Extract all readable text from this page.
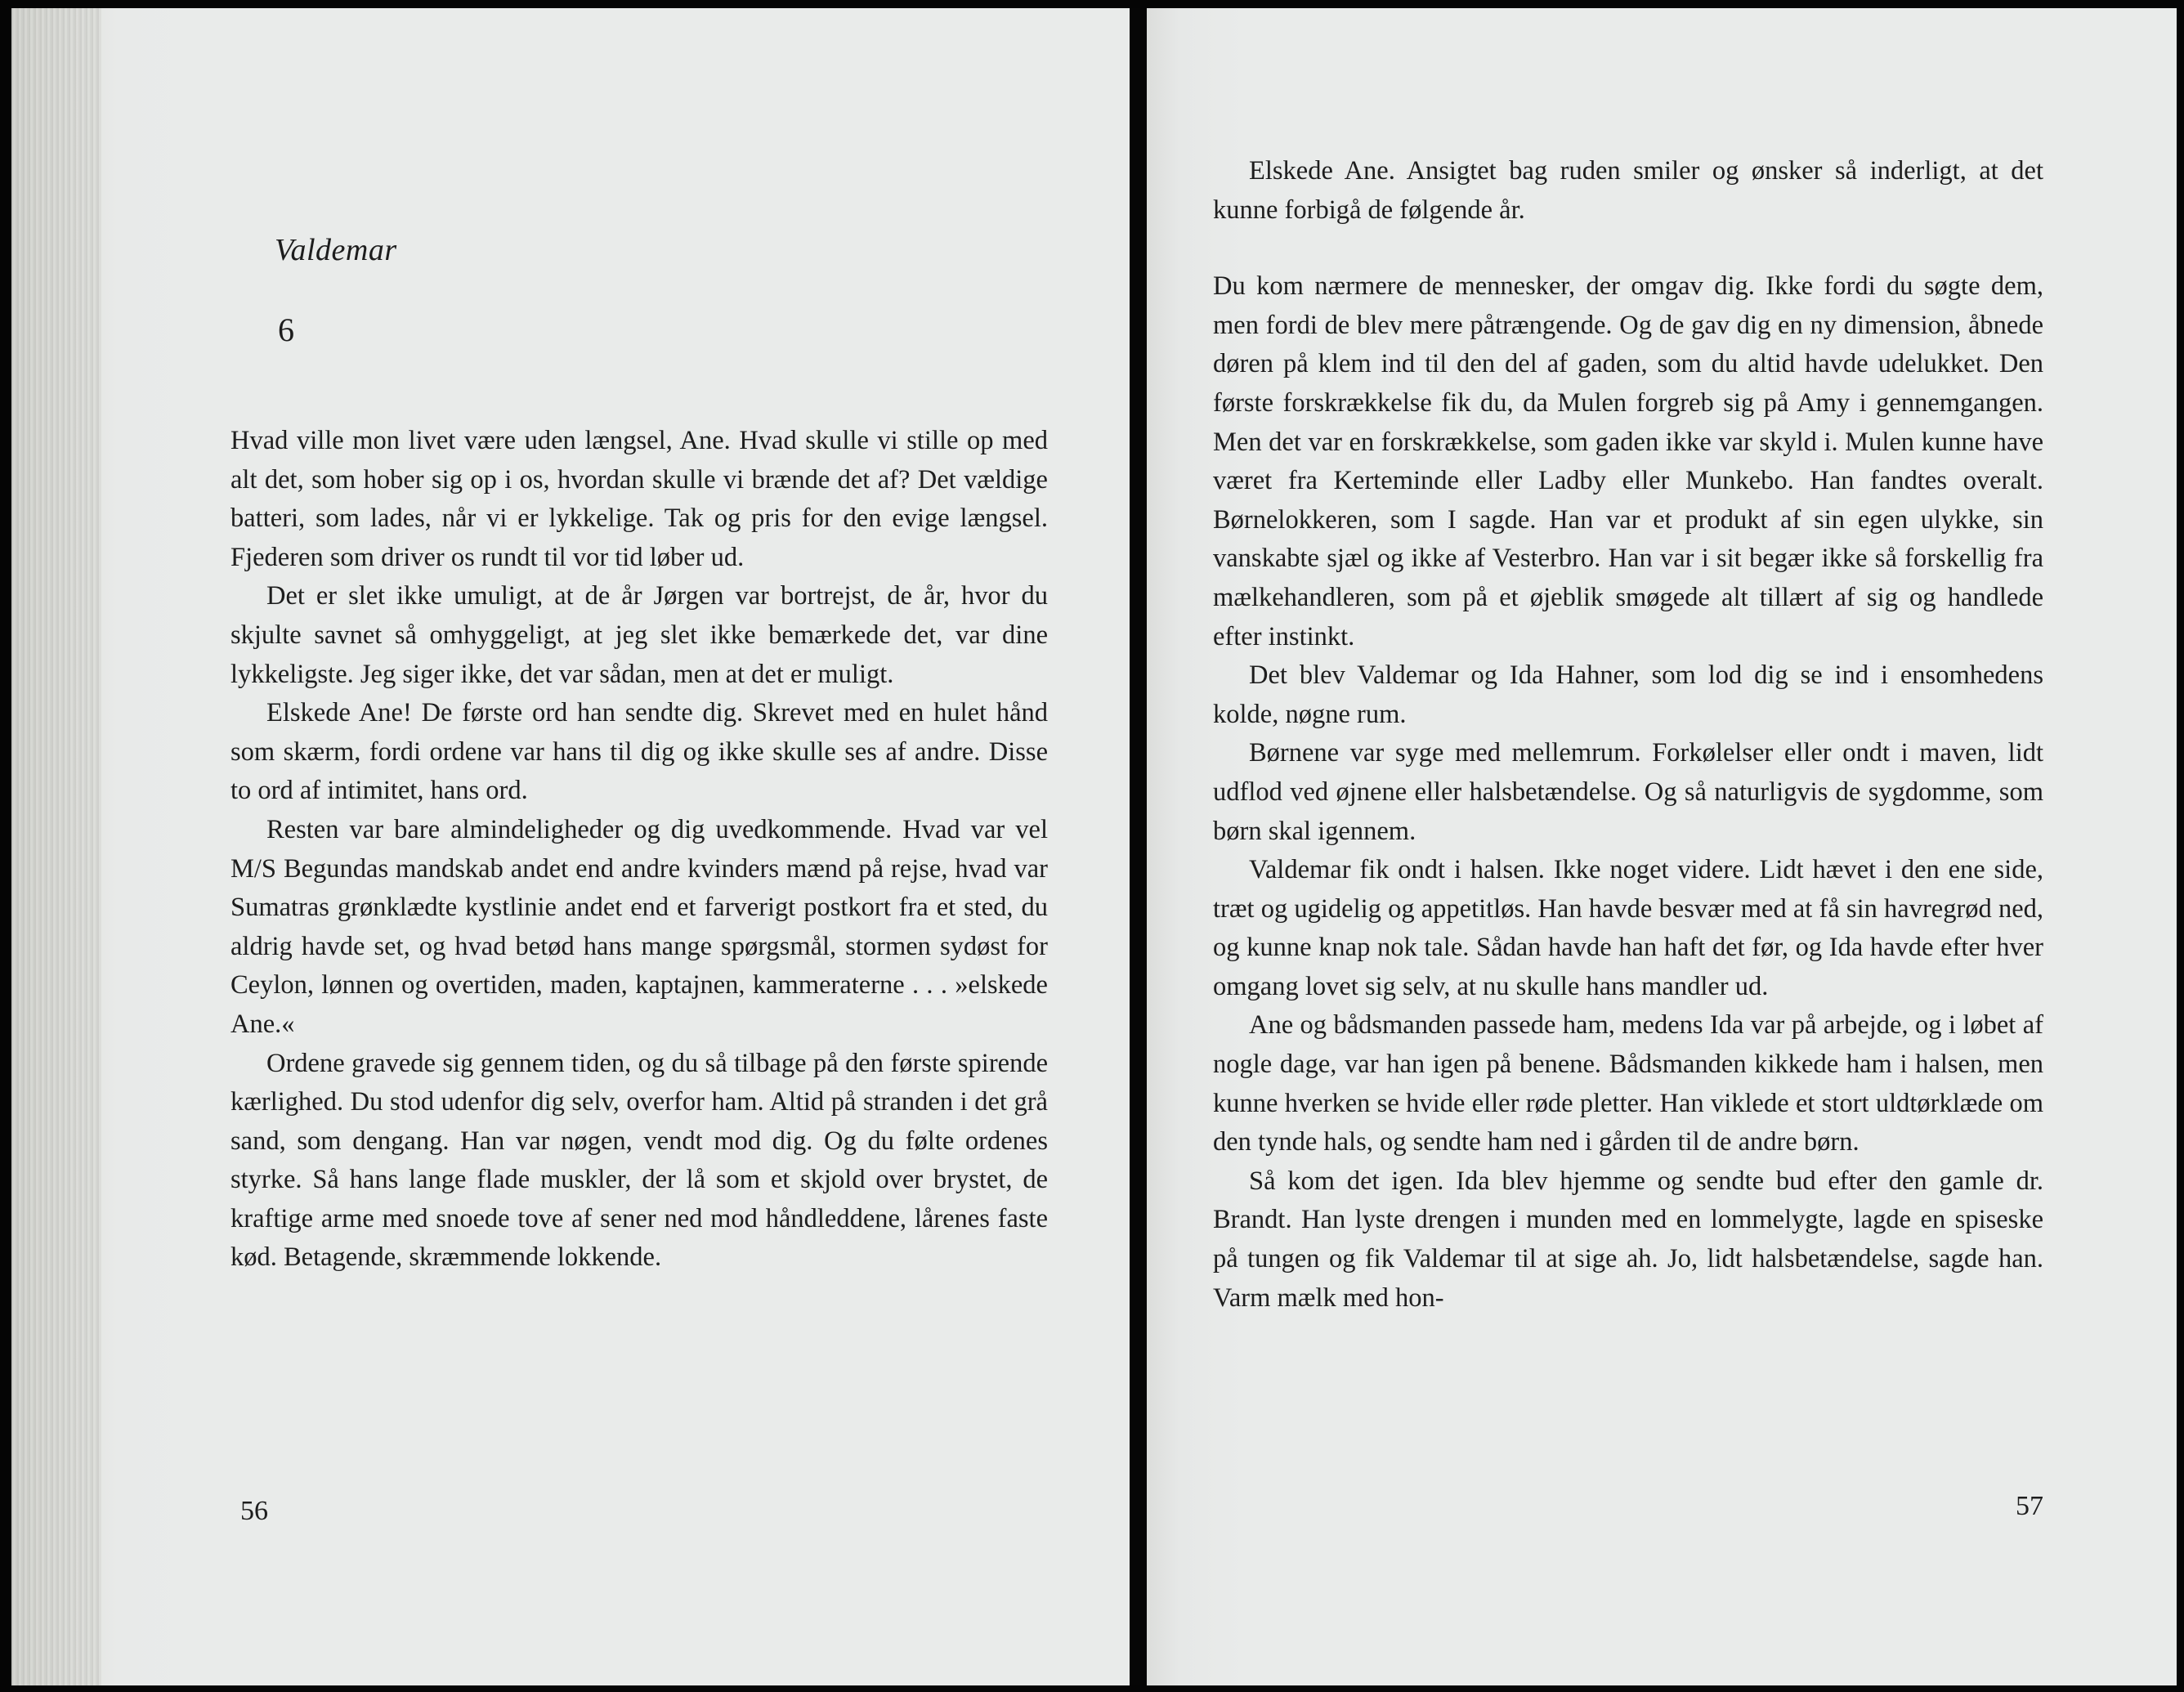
Valdemar
6

Hvad ville mon livet være uden længsel, Ane. Hvad skulle vi stille op med alt det, som hober sig op i os, hvordan skulle vi brænde det af? Det vældige batteri, som lades, når vi er lykkelige. Tak og pris for den evige længsel. Fjederen som driver os rundt til vor tid løber ud.

Det er slet ikke umuligt, at de år Jørgen var bortrejst, de år, hvor du skjulte savnet så omhyggeligt, at jeg slet ikke bemærkede det, var dine lykkeligste. Jeg siger ikke, det var sådan, men at det er muligt.

Elskede Ane! De første ord han sendte dig. Skrevet med en hulet hånd som skærm, fordi ordene var hans til dig og ikke skulle ses af andre. Disse to ord af intimitet, hans ord.

Resten var bare almindeligheder og dig uvedkommende. Hvad var vel M/S Begundas mandskab andet end andre kvinders mænd på rejse, hvad var Sumatras grønklædte kystlinie andet end et farverigt postkort fra et sted, du aldrig havde set, og hvad betød hans mange spørgsmål, stormen sydøst for Ceylon, lønnen og overtiden, maden, kaptajnen, kammeraterne . . . »elskede Ane.«

Ordene gravede sig gennem tiden, og du så tilbage på den første spirende kærlighed. Du stod udenfor dig selv, overfor ham. Altid på stranden i det grå sand, som dengang. Han var nøgen, vendt mod dig. Og du følte ordenes styrke. Så hans lange flade muskler, der lå som et skjold over brystet, de kraftige arme med snoede tove af sener ned mod håndleddene, lårenes faste kød. Betagende, skræmmende lokkende.

56

Elskede Ane. Ansigtet bag ruden smiler og ønsker så inderligt, at det kunne forbigå de følgende år.

Du kom nærmere de mennesker, der omgav dig. Ikke fordi du søgte dem, men fordi de blev mere påtrængende. Og de gav dig en ny dimension, åbnede døren på klem ind til den del af gaden, som du altid havde udelukket. Den første forskrækkelse fik du, da Mulen forgreb sig på Amy i gennemgangen. Men det var en forskrækkelse, som gaden ikke var skyld i. Mulen kunne have været fra Kerteminde eller Ladby eller Munkebo. Han fandtes overalt. Børnelokkeren, som I sagde. Han var et produkt af sin egen ulykke, sin vanskabte sjæl og ikke af Vesterbro. Han var i sit begær ikke så forskellig fra mælkehandleren, som på et øjeblik smøgede alt tillært af sig og handlede efter instinkt.

Det blev Valdemar og Ida Hahner, som lod dig se ind i ensomhedens kolde, nøgne rum.

Børnene var syge med mellemrum. Forkølelser eller ondt i maven, lidt udflod ved øjnene eller halsbetændelse. Og så naturligvis de sygdomme, som børn skal igennem.

Valdemar fik ondt i halsen. Ikke noget videre. Lidt hævet i den ene side, træt og ugidelig og appetitløs. Han havde besvær med at få sin havregrød ned, og kunne knap nok tale. Sådan havde han haft det før, og Ida havde efter hver omgang lovet sig selv, at nu skulle hans mandler ud.

Ane og bådsmanden passede ham, medens Ida var på arbejde, og i løbet af nogle dage, var han igen på benene. Bådsmanden kikkede ham i halsen, men kunne hverken se hvide eller røde pletter. Han viklede et stort uldtørklæde om den tynde hals, og sendte ham ned i gården til de andre børn.

Så kom det igen. Ida blev hjemme og sendte bud efter den gamle dr. Brandt. Han lyste drengen i munden med en lommelygte, lagde en spiseske på tungen og fik Valdemar til at sige ah. Jo, lidt halsbetændelse, sagde han. Varm mælk med hon-

57
